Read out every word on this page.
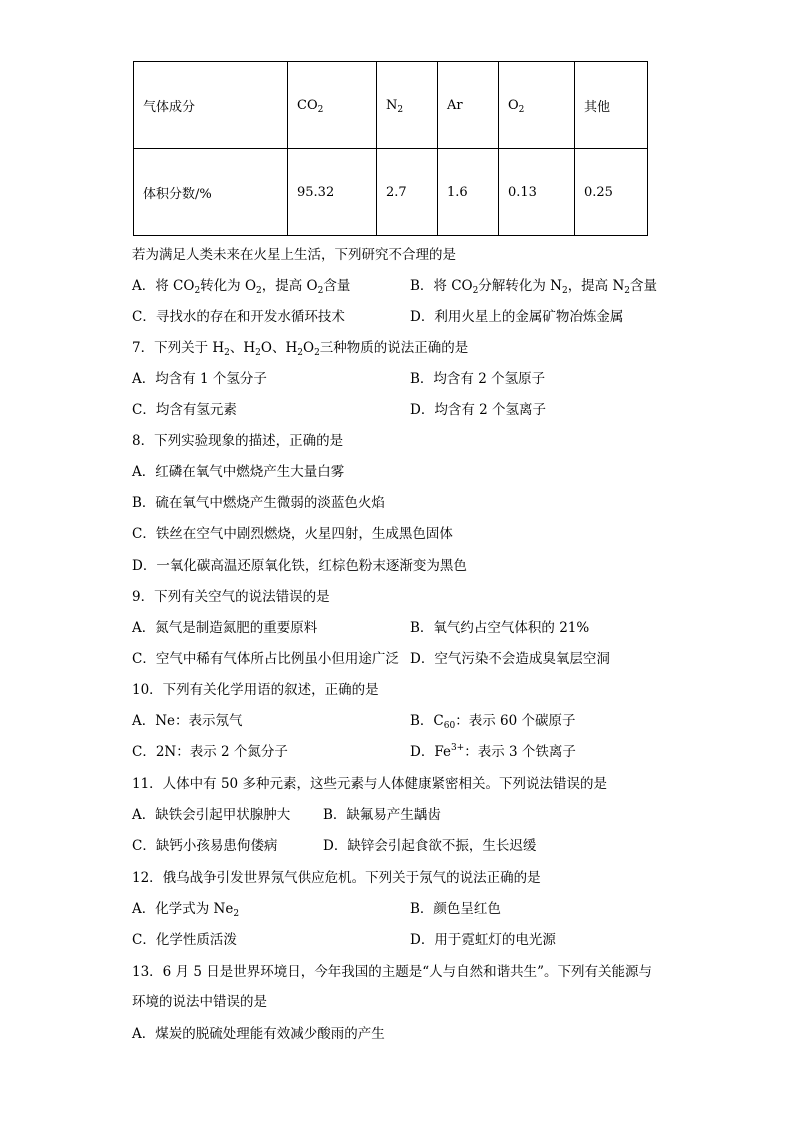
气体成分	$CO_2$	$N_2$	Ar	$O_2$	其他
体积分数/%	95.32	2.7	1.6	0.13	0.25
若为满足人类未来在火星上生活，下列研究不合理的是
A．将 $CO_2$转化为 $O_2$，提高 $O_2$含量	B．将 $CO_2$分解转化为 $N_2$，提高 $N_2$含量
C．寻找水的存在和开发水循环技术	D．利用火星上的金属矿物冶炼金属
7．下列关于 $H_2$、$H_2O$、$H_2O_2$三种物质的说法正确的是
A．均含有 1 个氢分子	B．均含有 2 个氢原子
C．均含有氢元素	D．均含有 2 个氢离子
8．下列实验现象的描述，正确的是
A．红磷在氧气中燃烧产生大量白雾
B．硫在氧气中燃烧产生微弱的淡蓝色火焰
C．铁丝在空气中剧烈燃烧，火星四射，生成黑色固体
D．一氧化碳高温还原氧化铁，红棕色粉末逐渐变为黑色
9．下列有关空气的说法错误的是
A．氮气是制造氮肥的重要原料	B．氧气约占空气体积的 21%
C．空气中稀有气体所占比例虽小但用途广泛 D．空气污染不会造成臭氧层空洞
10．下列有关化学用语的叙述，正确的是
A．Ne：表示氖气	B．$C_{60}$：表示 60 个碳原子
C．2N：表示 2 个氮分子	D．$Fe^{3+}$：表示 3 个铁离子
11．人体中有 50 多种元素，这些元素与人体健康紧密相关。下列说法错误的是
A．缺铁会引起甲状腺肿大 B．缺氟易产生龋齿
C．缺钙小孩易患佝偻病	D．缺锌会引起食欲不振，生长迟缓
12．俄乌战争引发世界氖气供应危机。下列关于氖气的说法正确的是
A．化学式为 $Ne_2$	B．颜色呈红色
C．化学性质活泼	D．用于霓虹灯的电光源
13．6 月 5 日是世界环境日，今年我国的主题是“人与自然和谐共生”。下列有关能源与
环境的说法中错误的是
A．煤炭的脱硫处理能有效减少酸雨的产生
